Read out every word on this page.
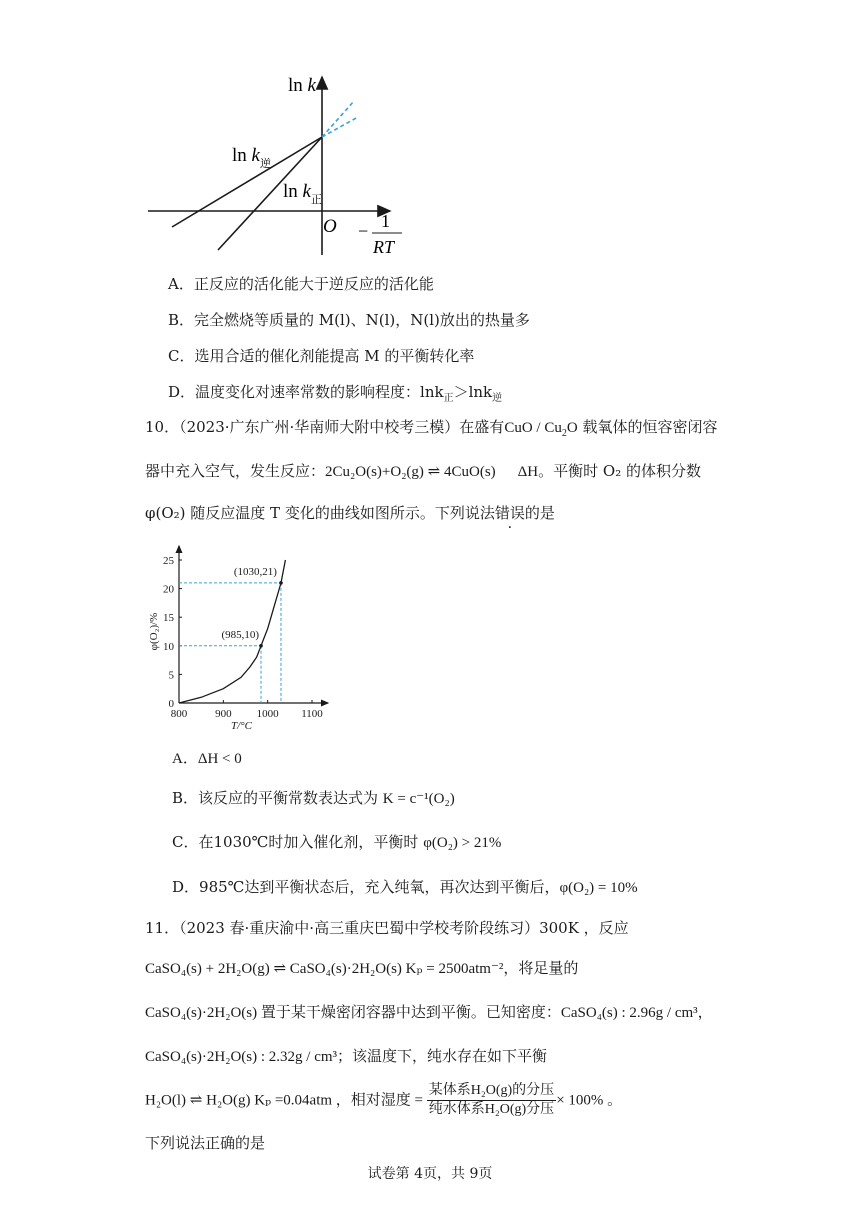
ln k
$\ln k_逆$
$\ln k_正$
O − 1
RT
A．正反应的活化能大于逆反应的活化能
B．完全燃烧等质量的 M(l)、N(l)，N(l)放出的热量多
C．选用合适的催化剂能提高 M 的平衡转化率
D．温度变化对速率常数的影响程度：lnk$_正$＞lnk$_逆$
10．（2023·广东广州·华南师大附中校考三模）在盛有CuO / $Cu_2O$ 载氧体的恒容密闭容
器中充入空气，发生反应：2Cu₂O(s)+O₂(g) ⇌ 4CuO(s) ΔH。平衡时 O₂ 的体积分数
φ(O₂) 随反应温度 T 变化的曲线如图所示。下列说法错误的是
800	900 1000 1100
0
5
10
15
20
25
T/°C
φ(O₂)/%	(985,10)
(1030,21)
A．ΔH < 0
B．该反应的平衡常数表达式为 K = c⁻¹(O₂)
C．在1030℃时加入催化剂，平衡时 φ(O₂) > 21%
D．985℃达到平衡状态后，充入纯氧，再次达到平衡后，φ(O₂) = 10%
11．（2023 春·重庆渝中·高三重庆巴蜀中学校考阶段练习）300K ，反应
CaSO₄(s) + 2H₂O(g) ⇌ CaSO₄(s)·2H₂O(s) Kₚ = 2500atm⁻²，将足量的
CaSO₄(s)·2H₂O(s) 置于某干燥密闭容器中达到平衡。已知密度：CaSO₄(s) : 2.96g / cm³，
CaSO₄(s)·2H₂O(s) : 2.32g / cm³；该温度下，纯水存在如下平衡
H₂O(l) ⇌ H₂O(g) Kₚ =0.04atm ，相对湿度 = $\frac{\text{某体系H₂O(g)的分压}}{\text{纯水体系H₂O(g)分压}} \times 100\%$ 。
下列说法正确的是
试卷第 4页，共 9页
